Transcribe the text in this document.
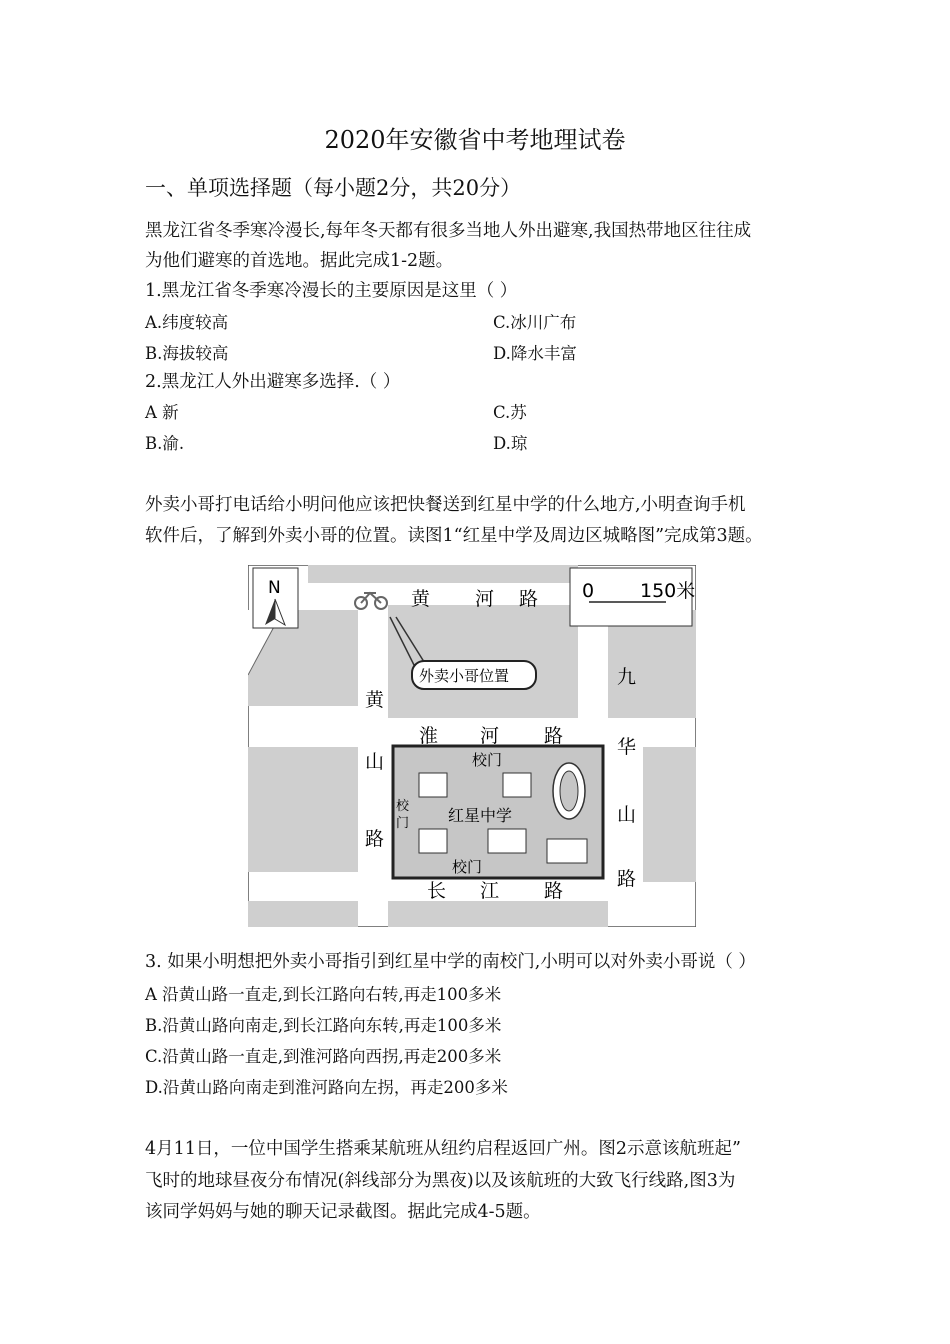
2020年安徽省中考地理试卷
一、单项选择题（每小题2分，共20分）
黑龙江省冬季寒冷漫长,每年冬天都有很多当地人外出避寒,我国热带地区往往成
为他们避寒的首选地。据此完成1-2题。
1.黑龙江省冬季寒冷漫长的主要原因是这里（ ）
A.纬度较高	C.冰川广布
B.海拔较高	D.降水丰富
2.黑龙江人外出避寒多选择.（ ）
A 新	C.苏
B.渝.	D.琼
外卖小哥打电话给小明问他应该把快餐送到红星中学的什么地方,小明查询手机
软件后，了解到外卖小哥的位置。读图1“红星中学及周边区城略图”完成第3题。
N	0 150米
外卖小哥位置
黄 河 路
淮 河 路
长 江 路
黄
山
路
九
华
山
路
校门
红星中学
校门
校
门
3. 如果小明想把外卖小哥指引到红星中学的南校门,小明可以对外卖小哥说（ ）
A 沿黄山路一直走,到长江路向右转,再走100多米
B.沿黄山路向南走,到长江路向东转,再走100多米
C.沿黄山路一直走,到淮河路向西拐,再走200多米
D.沿黄山路向南走到淮河路向左拐，再走200多米
4月11日，一位中国学生搭乘某航班从纽约启程返回广州。图2示意该航班起”
飞时的地球昼夜分布情况(斜线部分为黑夜)以及该航班的大致飞行线路,图3为
该同学妈妈与她的聊天记录截图。据此完成4-5题。
